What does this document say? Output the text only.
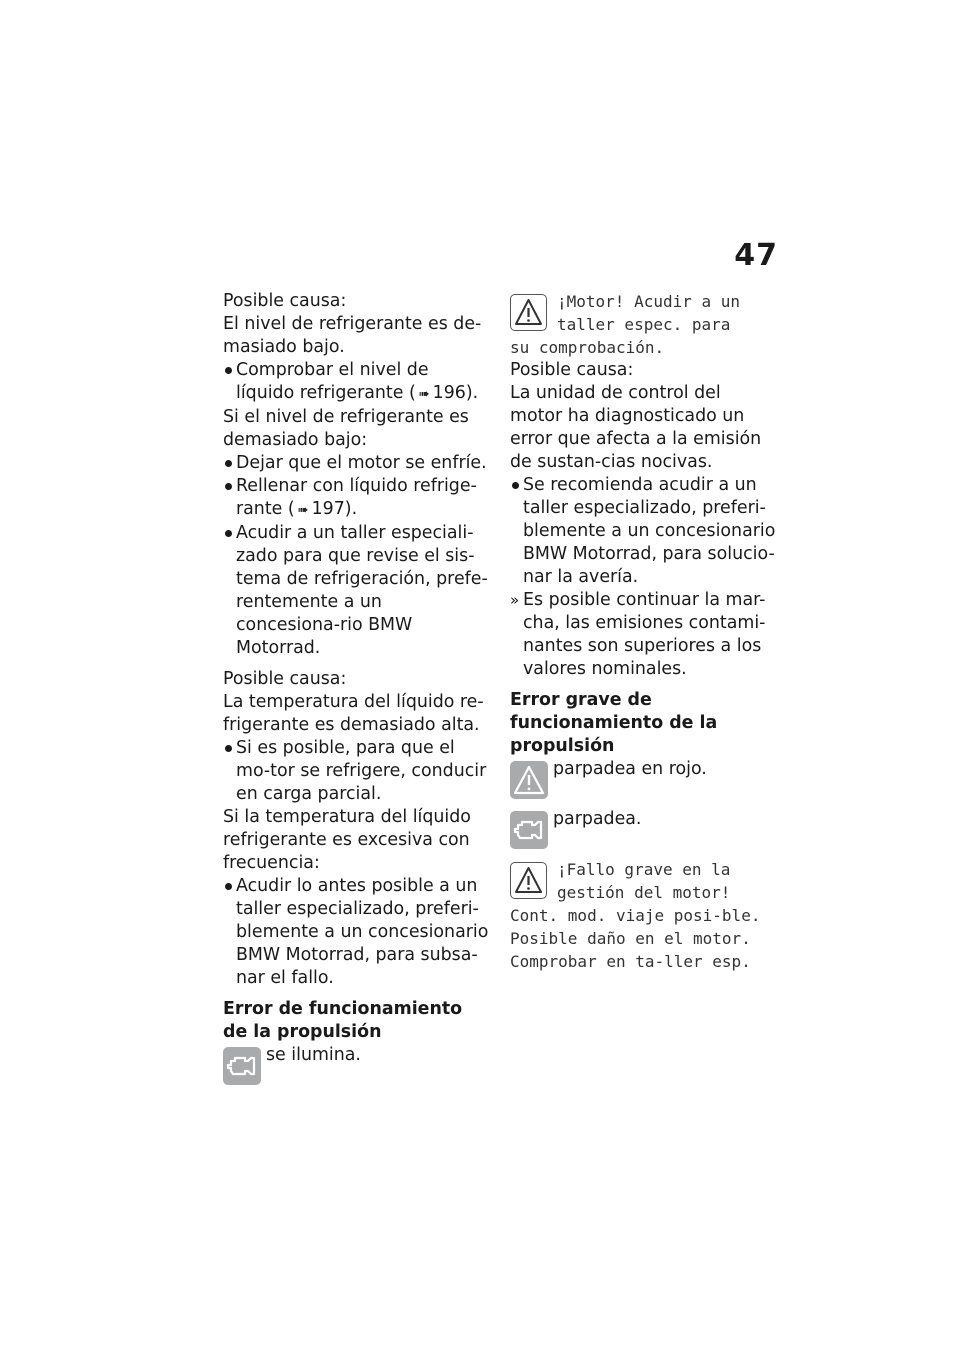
47

Posible causa:

El nivel de refrigerante es de-masiado bajo.

Comprobar el nivel de líquido refrigerante ( ➠ 196).

Si el nivel de refrigerante es demasiado bajo:

Dejar que el motor se enfríe.

Rellenar con líquido refrige-rante ( ➠ 197).

Acudir a un taller especiali-zado para que revise el sis-tema de refrigeración, prefe-rentemente a un concesiona-rio BMW Motorrad.

Posible causa:

La temperatura del líquido re-frigerante es demasiado alta.

Si es posible, para que el mo-tor se refrigere, conducir en carga parcial.

Si la temperatura del líquido refrigerante es excesiva con frecuencia:

Acudir lo antes posible a un taller especializado, preferi-blemente a un concesionario BMW Motorrad, para subsa-nar el fallo.

Error de funcionamiento de la propulsión

se ilumina.

¡Motor! Acudir a un

taller espec. para

su comprobación.

Posible causa:

La unidad de control del motor ha diagnosticado un error que afecta a la emisión de sustan-cias nocivas.

Se recomienda acudir a un taller especializado, preferi-blemente a un concesionario BMW Motorrad, para solucio-nar la avería.

» Es posible continuar la mar-cha, las emisiones contami-nantes son superiores a los valores nominales.

Error grave de funcionamiento de la propulsión

parpadea en rojo.

parpadea.

¡Fallo grave en la

gestión del motor!

Cont. mod. viaje posi-ble. Posible daño en el motor. Comprobar en ta-ller esp.
